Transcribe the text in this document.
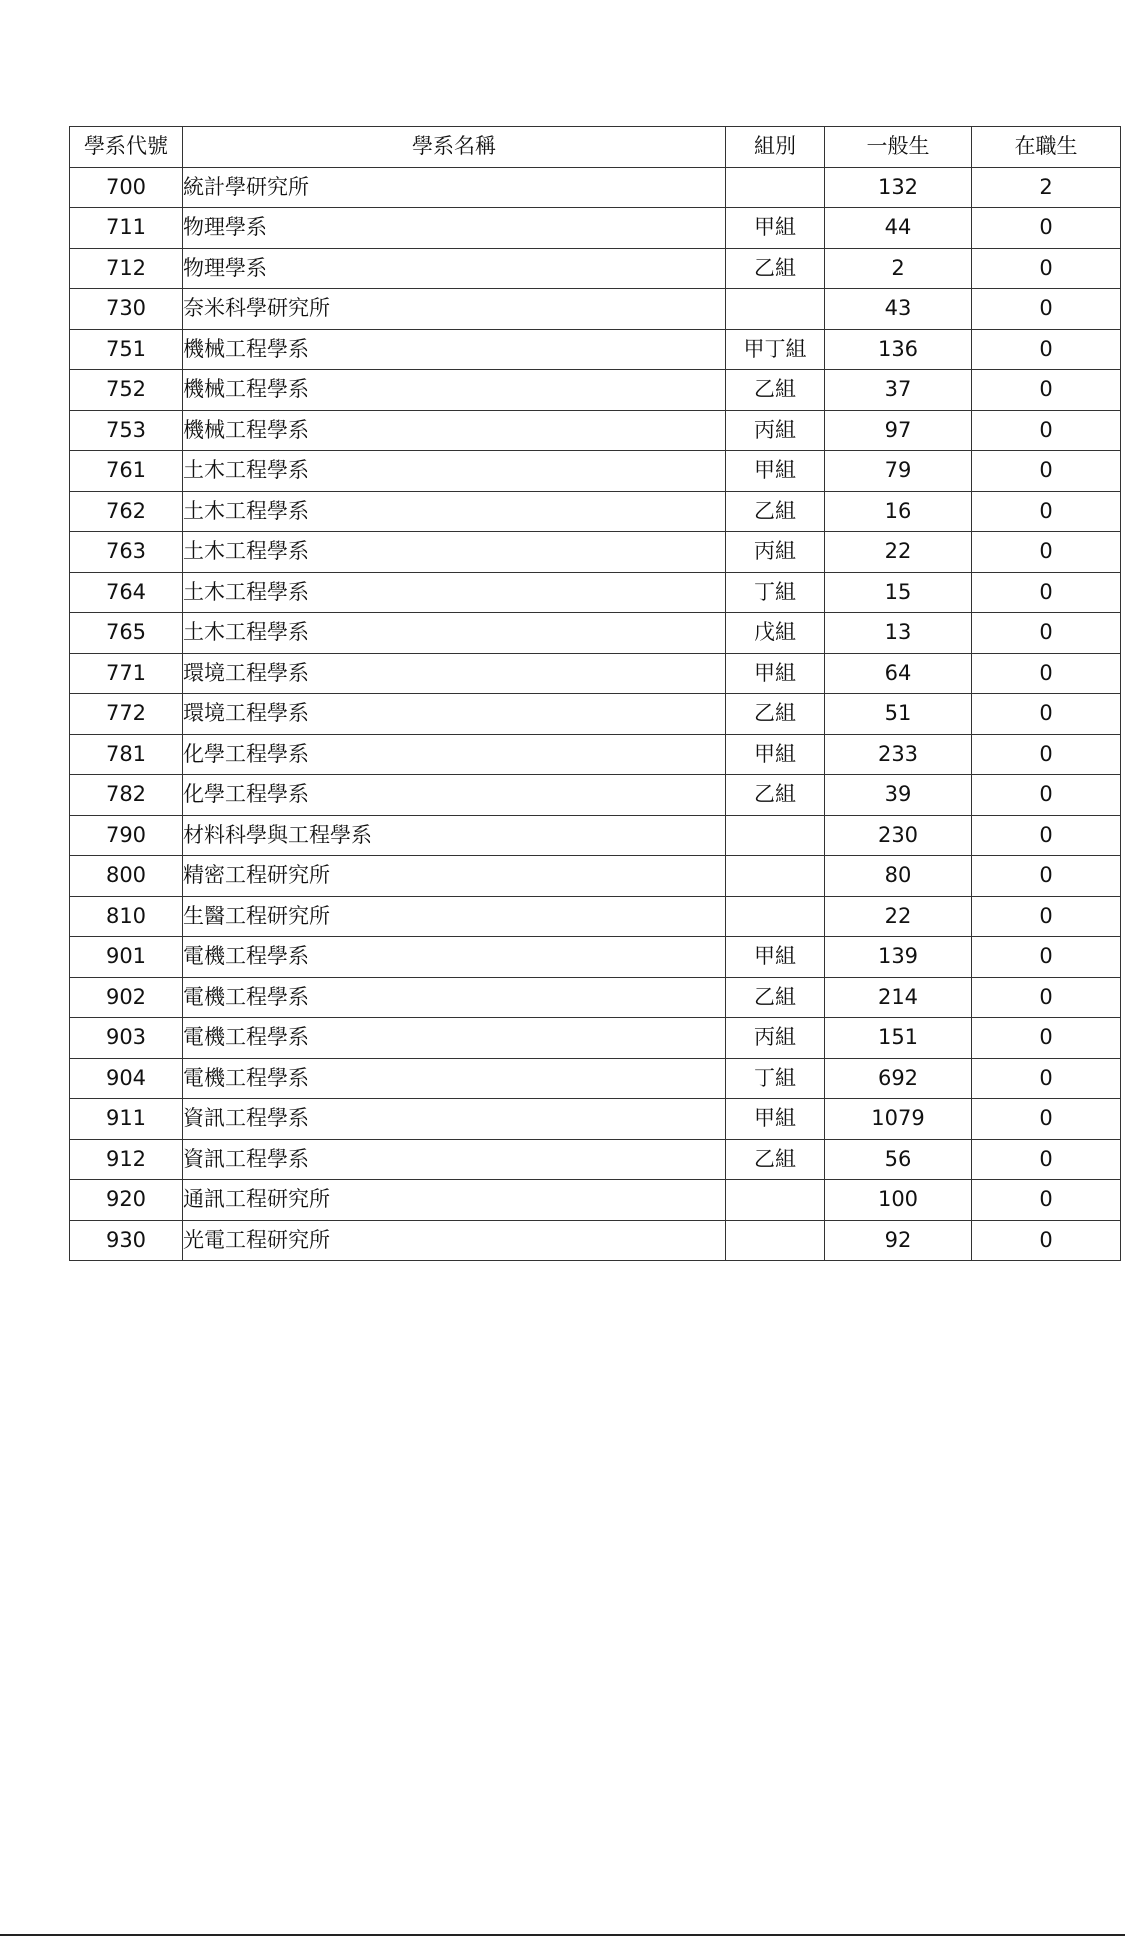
學系代號	學系名稱	組別	一般生	在職生
700	統計學研究所		132	2
711	物理學系	甲組	44	0
712	物理學系	乙組	2	0
730	奈米科學研究所		43	0
751	機械工程學系	甲丁組	136	0
752	機械工程學系	乙組	37	0
753	機械工程學系	丙組	97	0
761	土木工程學系	甲組	79	0
762	土木工程學系	乙組	16	0
763	土木工程學系	丙組	22	0
764	土木工程學系	丁組	15	0
765	土木工程學系	戊組	13	0
771	環境工程學系	甲組	64	0
772	環境工程學系	乙組	51	0
781	化學工程學系	甲組	233	0
782	化學工程學系	乙組	39	0
790	材料科學與工程學系		230	0
800	精密工程研究所		80	0
810	生醫工程研究所		22	0
901	電機工程學系	甲組	139	0
902	電機工程學系	乙組	214	0
903	電機工程學系	丙組	151	0
904	電機工程學系	丁組	692	0
911	資訊工程學系	甲組	1079	0
912	資訊工程學系	乙組	56	0
920	通訊工程研究所		100	0
930	光電工程研究所		92	0
